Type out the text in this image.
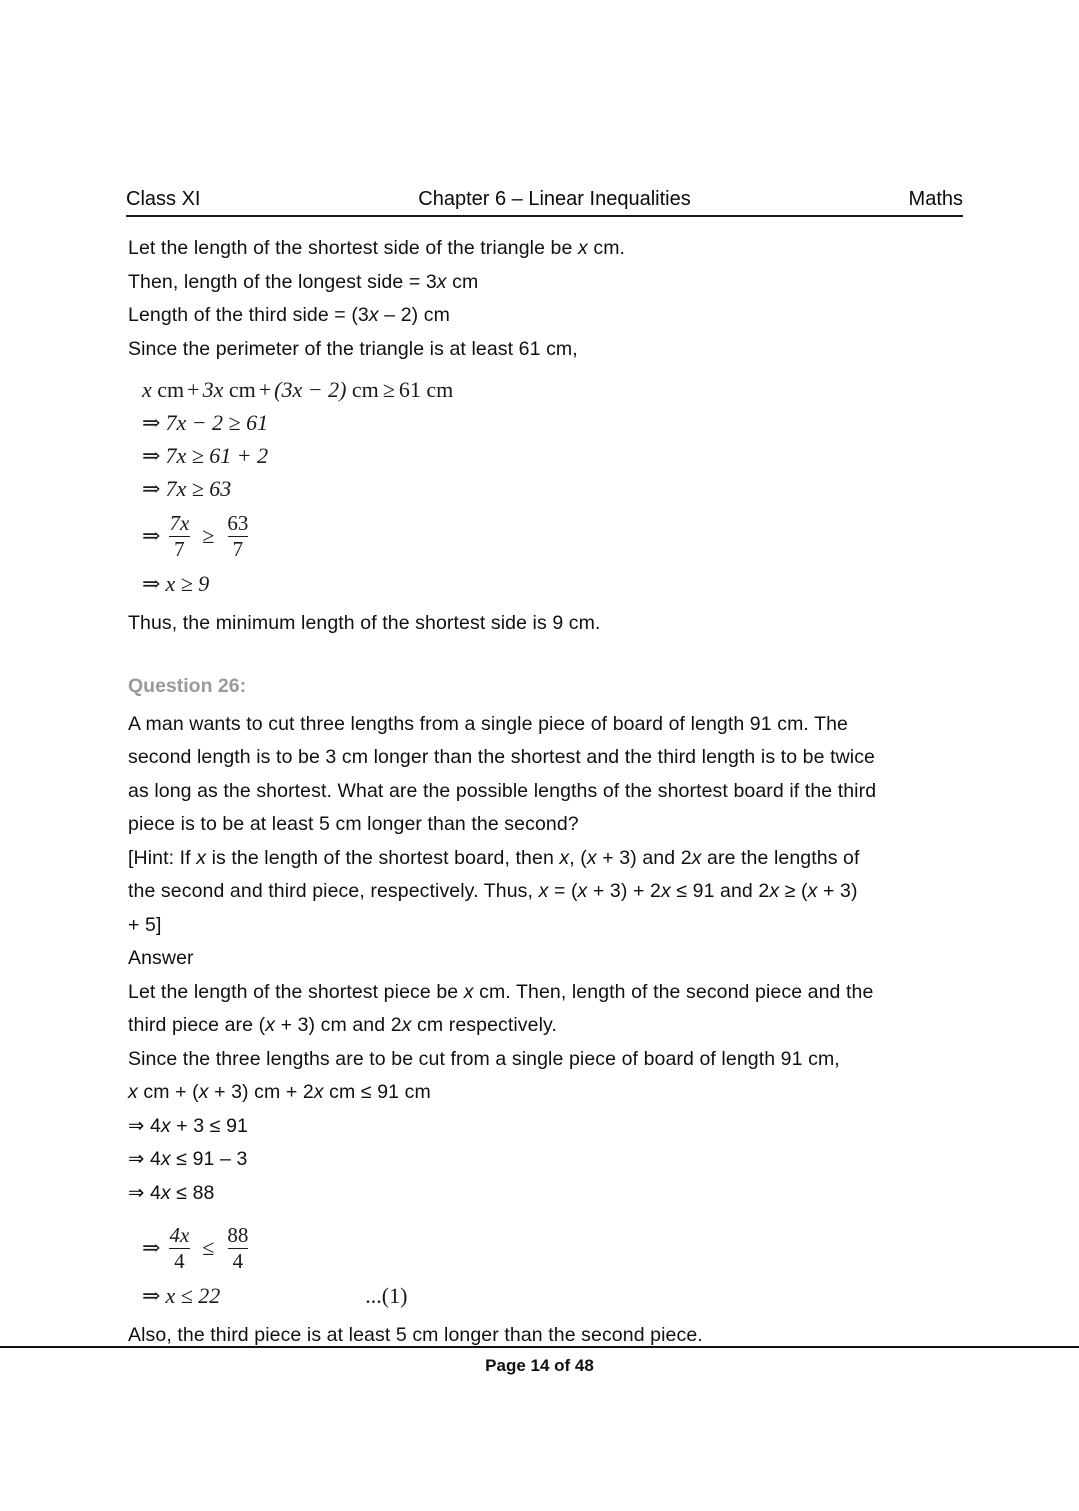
Class XI	Chapter 6 – Linear Inequalities	Maths

Let the length of the shortest side of the triangle be x cm.

Then, length of the longest side = 3x cm

Length of the third side = (3x – 2) cm

Since the perimeter of the triangle is at least 61 cm,

x
cm + 3x
cm + (3x − 2)
cm ≥ 61 cm
⇒ 7x − 2 ≥ 61
⇒ 7x ≥ 61 + 2
⇒ 7x ≥ 63
⇒ $\frac{7x}{7} \ge \frac{63}{7}$
⇒ x ≥ 9

Thus, the minimum length of the shortest side is 9 cm.

Question 26:

A man wants to cut three lengths from a single piece of board of length 91 cm. The

second length is to be 3 cm longer than the shortest and the third length is to be twice

as long as the shortest. What are the possible lengths of the shortest board if the third

piece is to be at least 5 cm longer than the second?

[Hint: If x is the length of the shortest board, then x, (x + 3) and 2x are the lengths of

the second and third piece, respectively. Thus, x = (x + 3) + 2x ≤ 91 and 2x ≥ (x + 3)

+ 5]

Answer

Let the length of the shortest piece be x cm. Then, length of the second piece and the

third piece are (x + 3) cm and 2x cm respectively.

Since the three lengths are to be cut from a single piece of board of length 91 cm,

x cm + (x + 3) cm + 2x cm ≤ 91 cm

⇒ 4x + 3 ≤ 91

⇒ 4x ≤ 91 – 3

⇒ 4x ≤ 88

⇒ $\frac{4x}{4} \le \frac{88}{4}$
⇒ x ≤ 22	...(1)

Also, the third piece is at least 5 cm longer than the second piece.

Page 14 of 48
